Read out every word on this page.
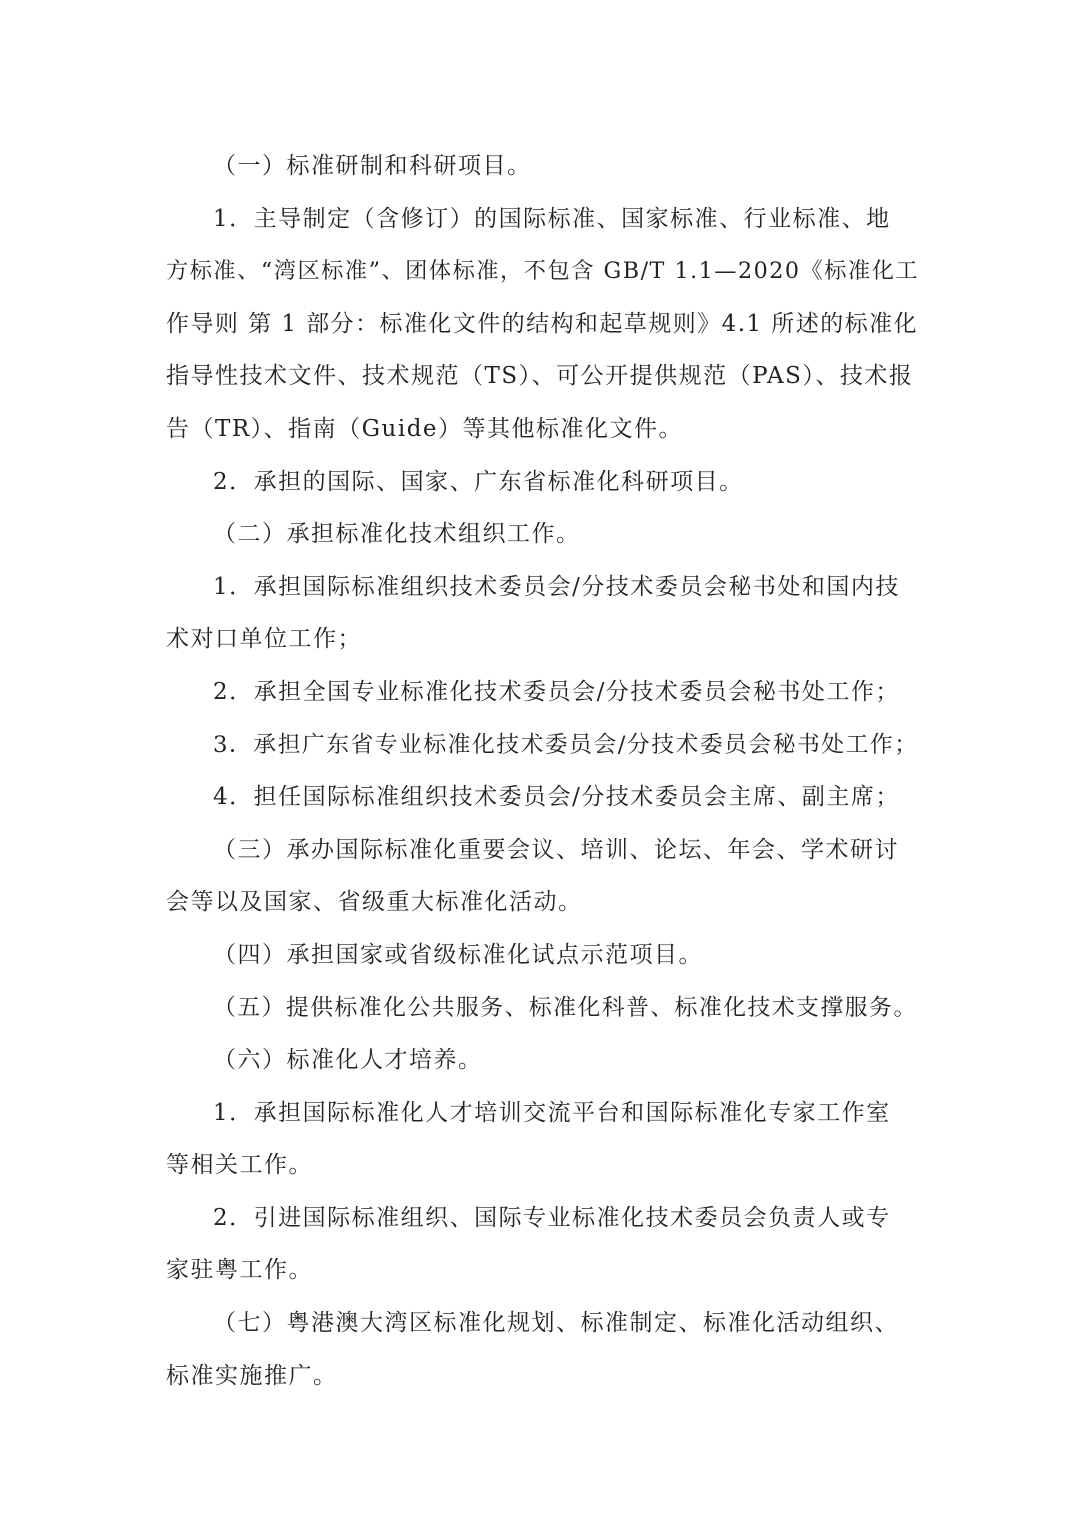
（一）标准研制和科研项目。
1．主导制定（含修订）的国际标准、国家标准、行业标准、地
方标准、“湾区标准”、团体标准，不包含 GB/T 1.1—2020《标准化工
作导则 第 1 部分：标准化文件的结构和起草规则》4.1 所述的标准化
指导性技术文件、技术规范（TS）、可公开提供规范（PAS）、技术报
告（TR）、指南（Guide）等其他标准化文件。
2．承担的国际、国家、广东省标准化科研项目。
（二）承担标准化技术组织工作。
1．承担国际标准组织技术委员会/分技术委员会秘书处和国内技
术对口单位工作；
2．承担全国专业标准化技术委员会/分技术委员会秘书处工作；
3．承担广东省专业标准化技术委员会/分技术委员会秘书处工作；
4．担任国际标准组织技术委员会/分技术委员会主席、副主席；
（三）承办国际标准化重要会议、培训、论坛、年会、学术研讨
会等以及国家、省级重大标准化活动。
（四）承担国家或省级标准化试点示范项目。
（五）提供标准化公共服务、标准化科普、标准化技术支撑服务。
（六）标准化人才培养。
1．承担国际标准化人才培训交流平台和国际标准化专家工作室
等相关工作。
2．引进国际标准组织、国际专业标准化技术委员会负责人或专
家驻粤工作。
（七）粤港澳大湾区标准化规划、标准制定、标准化活动组织、
标准实施推广。
